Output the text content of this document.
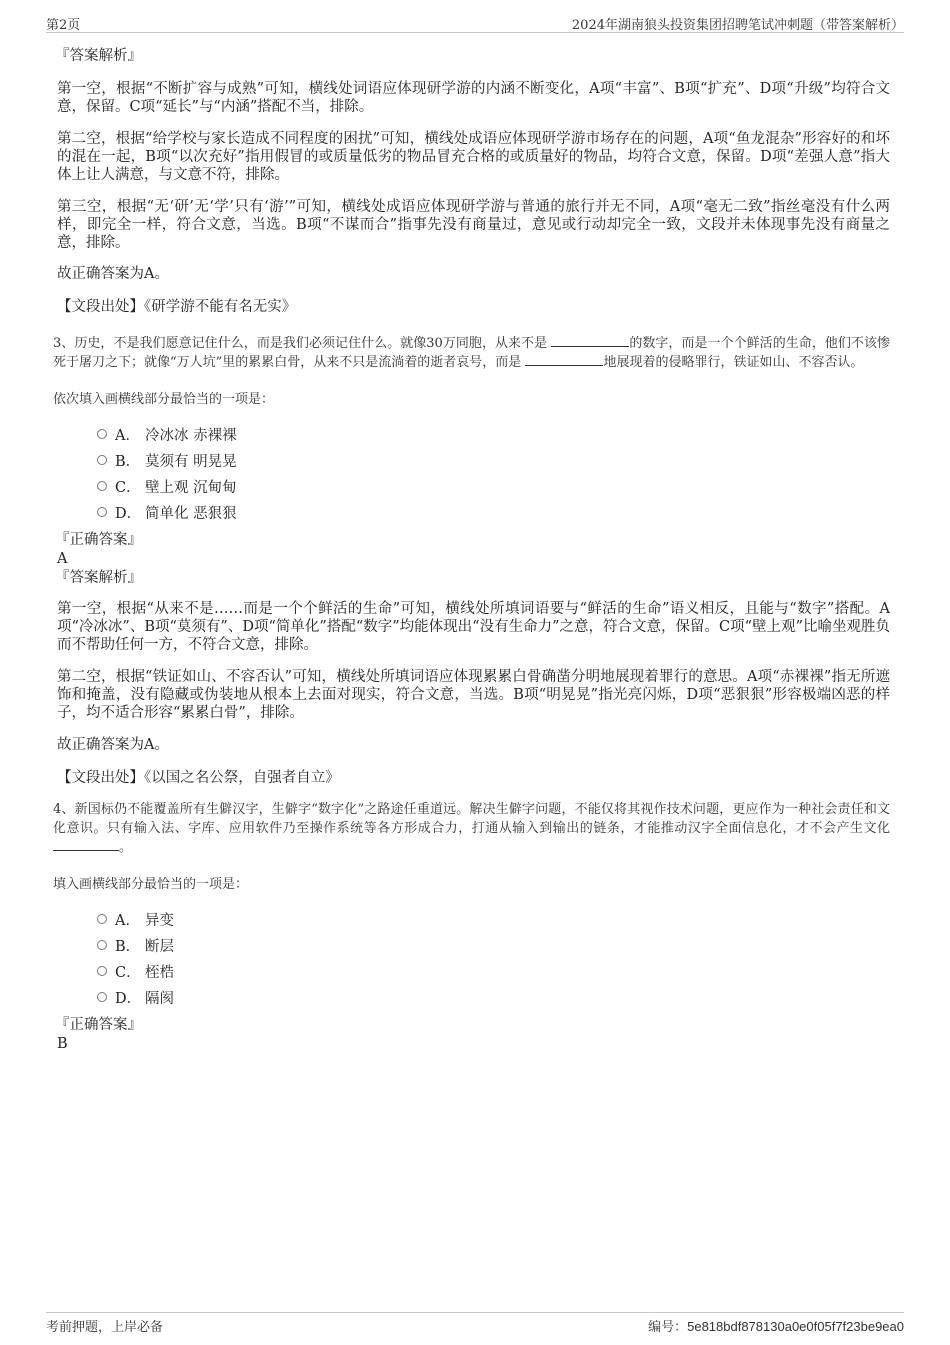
第2页	2024年湖南狼头投资集团招聘笔试冲刺题（带答案解析）

『答案解析』

第一空，根据“不断扩容与成熟”可知，横线处词语应体现研学游的内涵不断变化，A项“丰富”、B项“扩充”、D项“升级”均符合文意，保留。C项“延长”与“内涵”搭配不当，排除。

第二空，根据“给学校与家长造成不同程度的困扰”可知，横线处成语应体现研学游市场存在的问题，A项“鱼龙混杂”形容好的和坏的混在一起，B项“以次充好”指用假冒的或质量低劣的物品冒充合格的或质量好的物品，均符合文意，保留。D项“差强人意”指大体上让人满意，与文意不符，排除。

第三空，根据“无‘研’无‘学’只有‘游’”可知，横线处成语应体现研学游与普通的旅行并无不同，A项“毫无二致”指丝毫没有什么两样，即完全一样，符合文意，当选。B项“不谋而合”指事先没有商量过，意见或行动却完全一致，文段并未体现事先没有商量之意，排除。

故正确答案为A。

【文段出处】《研学游不能有名无实》

3、历史，不是我们愿意记住什么，而是我们必须记住什么。就像30万同胞，从来不是	的数字，而是一个个鲜活的生命，他们不该惨死于屠刀之下；就像“万人坑”里的累累白骨，从来不只是流淌着的逝者哀号，而是	地展现着的侵略罪行，铁证如山、不容否认。

依次填入画横线部分最恰当的一项是：

A． 冷冰冰 赤裸裸
B． 莫须有 明晃晃
C． 壁上观 沉甸甸
D． 简单化 恶狠狠

『正确答案』

A

『答案解析』

第一空，根据“从来不是……而是一个个鲜活的生命”可知，横线处所填词语要与“鲜活的生命”语义相反，且能与“数字”搭配。A项“冷冰冰”、B项“莫须有”、D项“简单化”搭配“数字”均能体现出“没有生命力”之意，符合文意，保留。C项“壁上观”比喻坐观胜负而不帮助任何一方，不符合文意，排除。

第二空，根据“铁证如山、不容否认”可知，横线处所填词语应体现累累白骨确凿分明地展现着罪行的意思。A项“赤裸裸”指无所遮饰和掩盖，没有隐藏或伪装地从根本上去面对现实，符合文意，当选。B项“明晃晃”指光亮闪烁，D项“恶狠狠”形容极端凶恶的样子，均不适合形容“累累白骨”，排除。

故正确答案为A。

【文段出处】《以国之名公祭，自强者自立》

4、新国标仍不能覆盖所有生僻汉字，生僻字“数字化”之路途任重道远。解决生僻字问题，不能仅将其视作技术问题，更应作为一种社会责任和文化意识。只有输入法、字库、应用软件乃至操作系统等各方形成合力，打通从输入到输出的链条，才能推动汉字全面信息化，才不会产生文化 。

填入画横线部分最恰当的一项是：

A． 异变
B． 断层
C． 桎梏
D． 隔阂

『正确答案』

B

考前押题，上岸必备	编号：5e818bdf878130a0e0f05f7f23be9ea0
